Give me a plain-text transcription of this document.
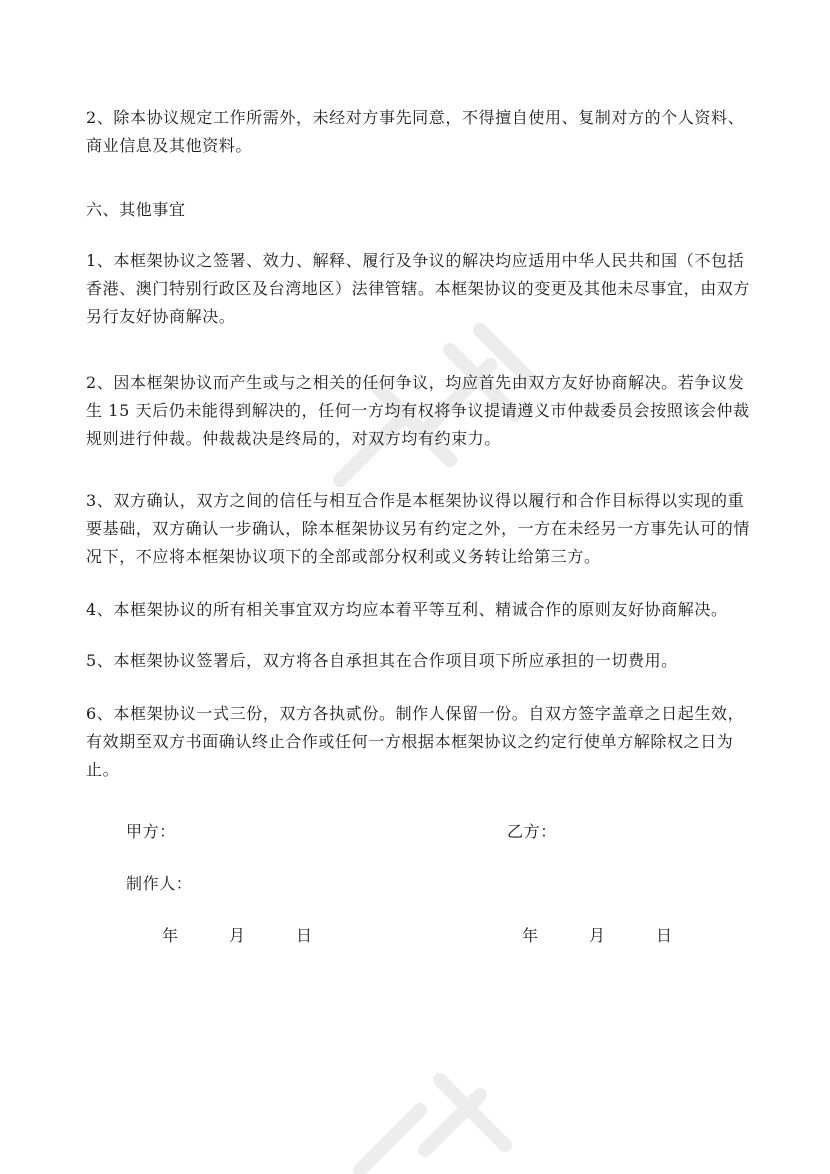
2、除本协议规定工作所需外，未经对方事先同意，不得擅自使用、复制对方的个人资料、商业信息及其他资料。

六、其他事宜

1、本框架协议之签署、效力、解释、履行及争议的解决均应适用中华人民共和国（不包括香港、澳门特别行政区及台湾地区）法律管辖。本框架协议的变更及其他未尽事宜，由双方另行友好协商解决。

2、因本框架协议而产生或与之相关的任何争议，均应首先由双方友好协商解决。若争议发生 15 天后仍未能得到解决的，任何一方均有权将争议提请遵义市仲裁委员会按照该会仲裁规则进行仲裁。仲裁裁决是终局的，对双方均有约束力。

3、双方确认，双方之间的信任与相互合作是本框架协议得以履行和合作目标得以实现的重要基础，双方确认一步确认，除本框架协议另有约定之外，一方在未经另一方事先认可的情况下，不应将本框架协议项下的全部或部分权利或义务转让给第三方。

4、本框架协议的所有相关事宜双方均应本着平等互利、精诚合作的原则友好协商解决。

5、本框架协议签署后，双方将各自承担其在合作项目项下所应承担的一切费用。

6、本框架协议一式三份，双方各执贰份。制作人保留一份。自双方签字盖章之日起生效，有效期至双方书面确认终止合作或任何一方根据本框架协议之约定行使单方解除权之日为止。

甲方：	乙方：
制作人：
年	月	日	年	月	日
